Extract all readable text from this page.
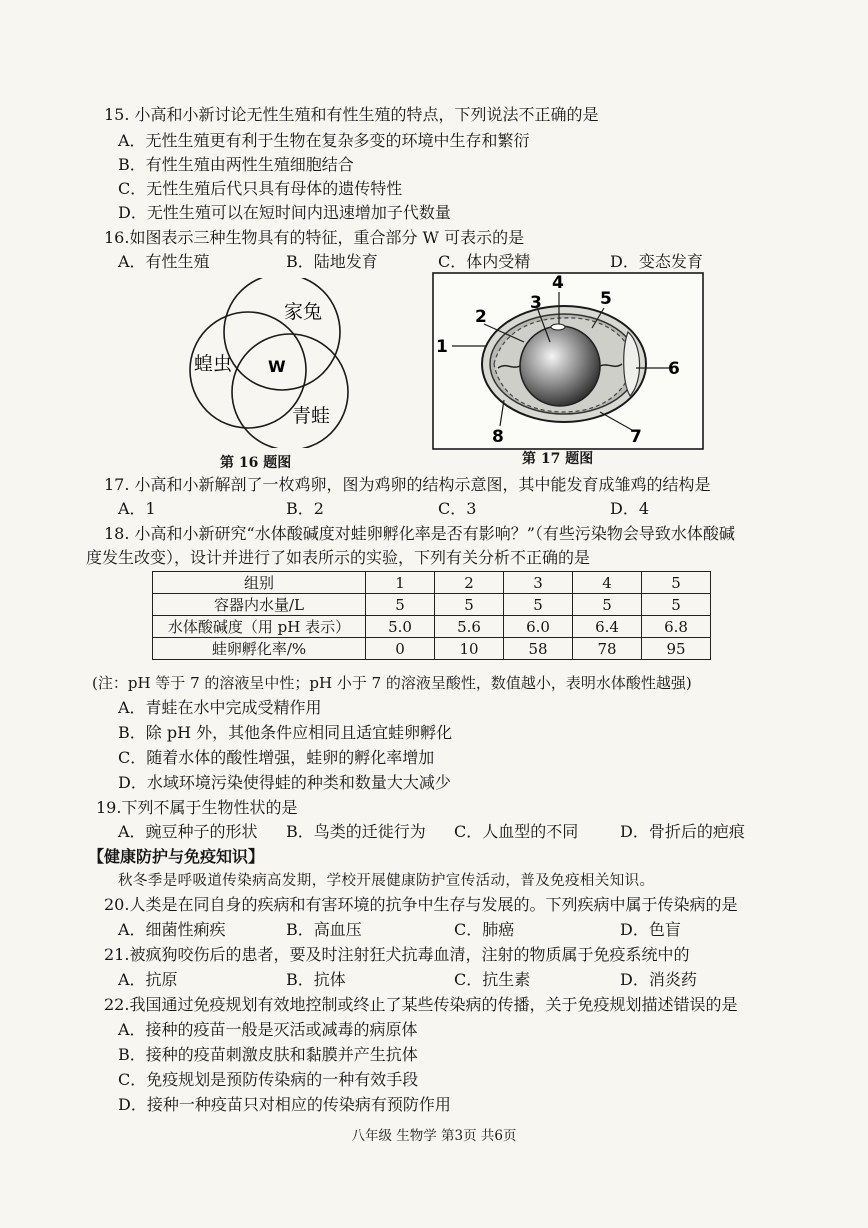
15. 小高和小新讨论无性生殖和有性生殖的特点，下列说法不正确的是
A．无性生殖更有利于生物在复杂多变的环境中生存和繁衍
B．有性生殖由两性生殖细胞结合
C．无性生殖后代只具有母体的遗传特性
D．无性生殖可以在短时间内迅速增加子代数量
16.如图表示三种生物具有的特征，重合部分 W 可表示的是
A．有性生殖	B．陆地发育	C．体内受精	D．变态发育
家兔
蝗虫
青蛙
W
第 16 题图
1
2
3
4
5
6
7
8
第 17 题图
17. 小高和小新解剖了一枚鸡卵，图为鸡卵的结构示意图，其中能发育成雏鸡的结构是
A．1	B．2	C．3	D．4
18. 小高和小新研究“水体酸碱度对蛙卵孵化率是否有影响？”（有些污染物会导致水体酸碱
度发生改变），设计并进行了如表所示的实验，下列有关分析不正确的是
组别	1	2	3	4	5
容器内水量/L	5	5	5	5	5
水体酸碱度（用 pH 表示）	5.0	5.6	6.0	6.4	6.8
蛙卵孵化率/%	0	10	58	78	95
(注：pH 等于 7 的溶液呈中性；pH 小于 7 的溶液呈酸性，数值越小，表明水体酸性越强)
A．青蛙在水中完成受精作用
B．除 pH 外，其他条件应相同且适宜蛙卵孵化
C．随着水体的酸性增强，蛙卵的孵化率增加
D．水域环境污染使得蛙的种类和数量大大减少
19.下列不属于生物性状的是
A．豌豆种子的形状	B．鸟类的迁徙行为	C．人血型的不同	D．骨折后的疤痕
【健康防护与免疫知识】
秋冬季是呼吸道传染病高发期，学校开展健康防护宣传活动，普及免疫相关知识。
20.人类是在同自身的疾病和有害环境的抗争中生存与发展的。下列疾病中属于传染病的是
A．细菌性痢疾	B．高血压	C．肺癌	D．色盲
21.被疯狗咬伤后的患者，要及时注射狂犬抗毒血清，注射的物质属于免疫系统中的
A．抗原	B．抗体	C．抗生素	D．消炎药
22.我国通过免疫规划有效地控制或终止了某些传染病的传播，关于免疫规划描述错误的是
A．接种的疫苗一般是灭活或减毒的病原体
B．接种的疫苗刺激皮肤和黏膜并产生抗体
C．免疫规划是预防传染病的一种有效手段
D．接种一种疫苗只对相应的传染病有预防作用
八年级 生物学 第3页 共6页
